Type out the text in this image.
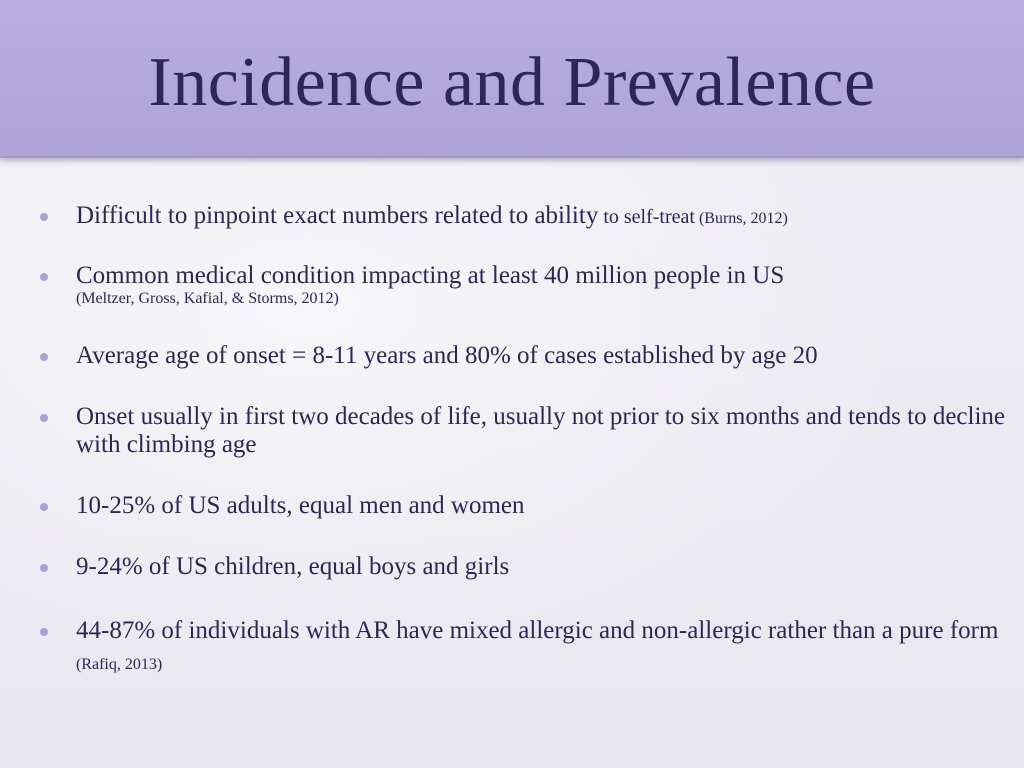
Incidence and Prevalence
Difficult to pinpoint exact numbers related to ability to self-treat (Burns, 2012)
Common medical condition impacting at least 40 million people in US
(Meltzer, Gross, Kafial, & Storms, 2012)
Average age of onset = 8-11 years and 80% of cases established by age 20
Onset usually in first two decades of life, usually not prior to six months and tends to decline with climbing age
10-25% of US adults, equal men and women
9-24% of US children, equal boys and girls
44-87% of individuals with AR have mixed allergic and non-allergic rather than a pure form (Rafiq, 2013)
